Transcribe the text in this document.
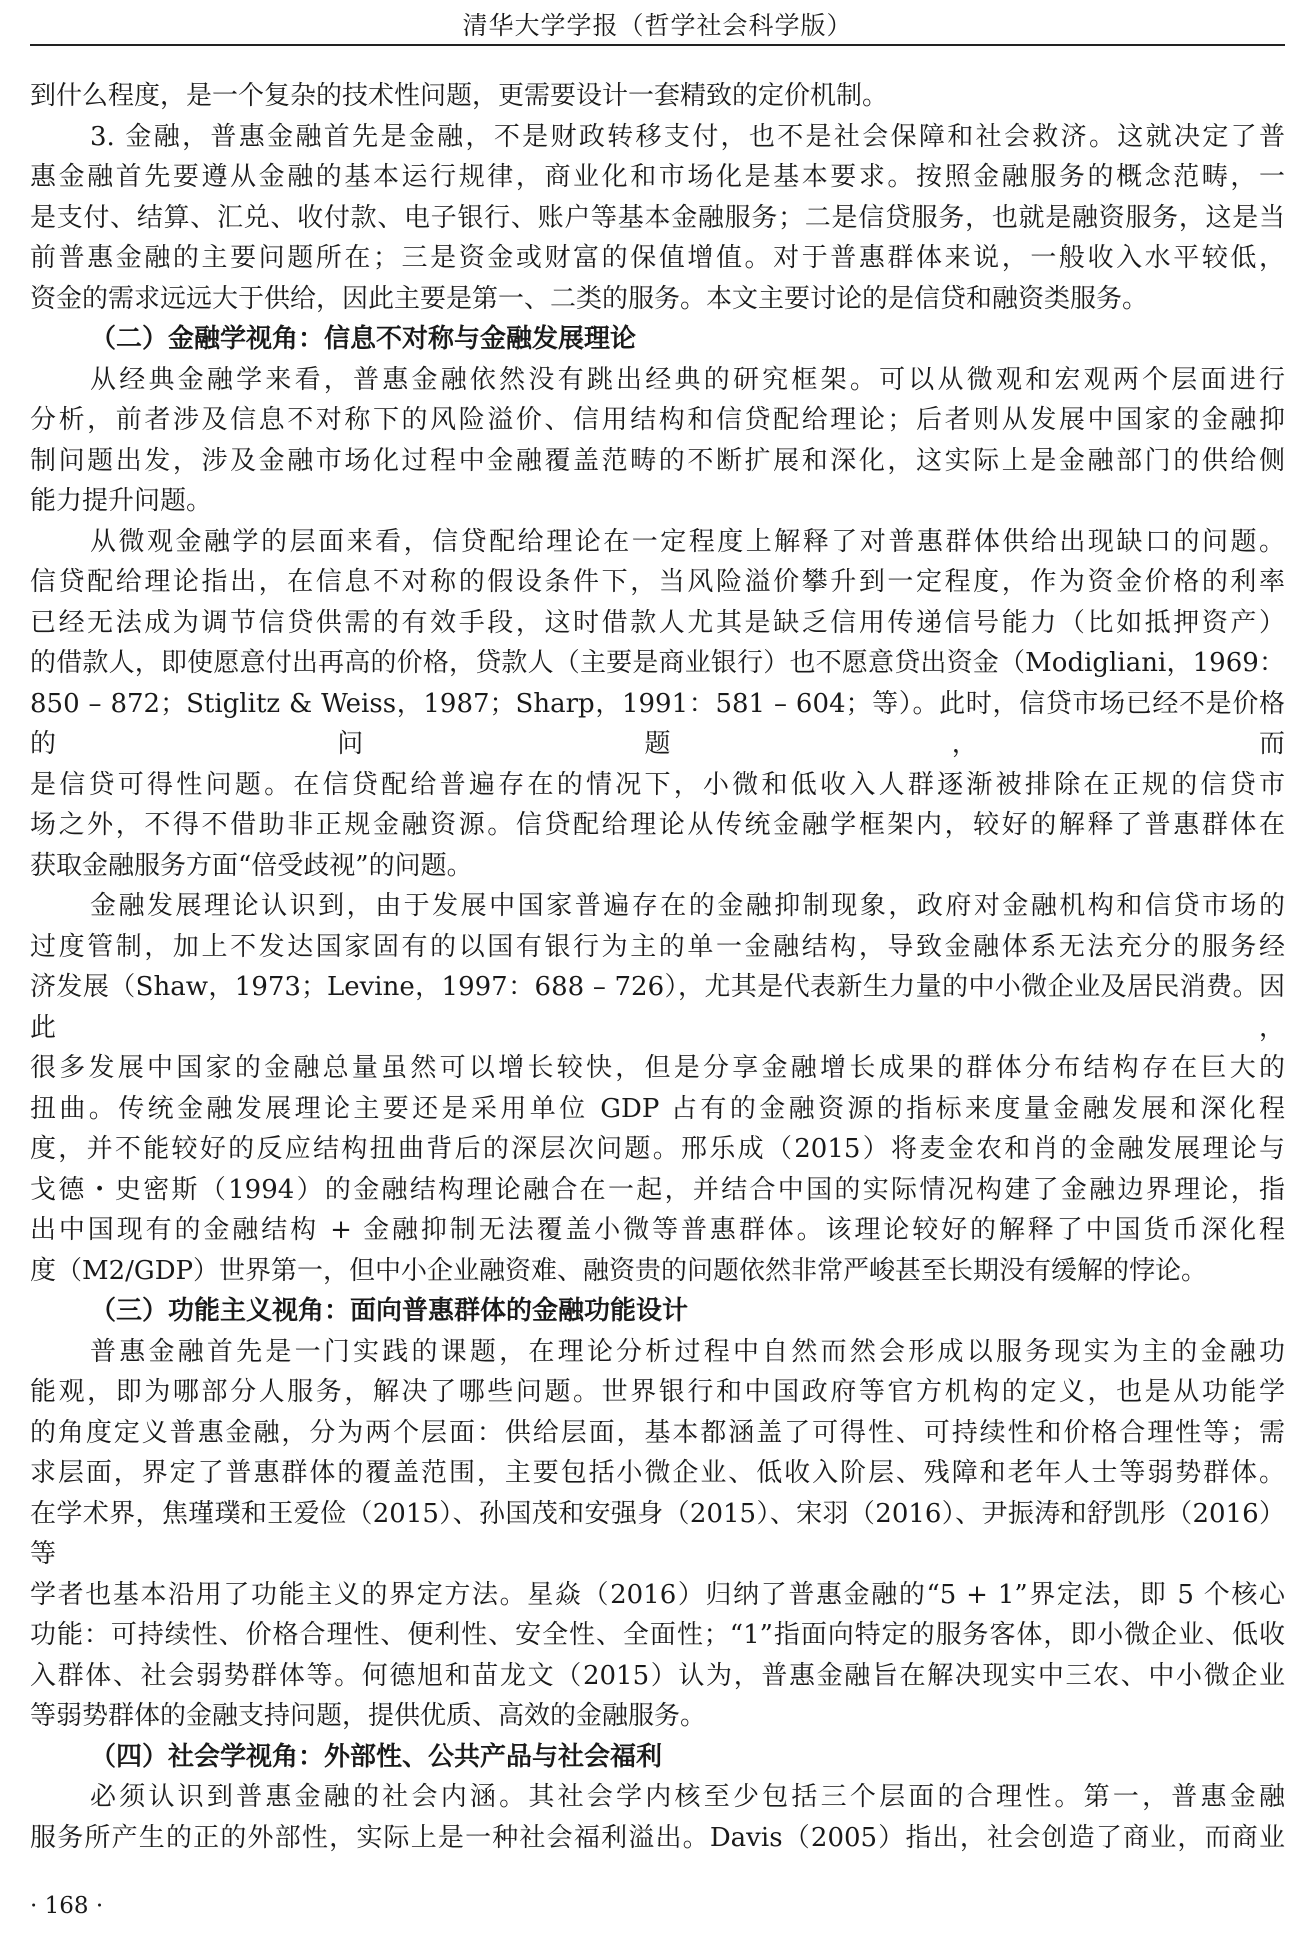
清华大学学报（哲学社会科学版）

到什么程度，是一个复杂的技术性问题，更需要设计一套精致的定价机制。

3. 金融，普惠金融首先是金融，不是财政转移支付，也不是社会保障和社会救济。这就决定了普

惠金融首先要遵从金融的基本运行规律，商业化和市场化是基本要求。按照金融服务的概念范畴，一

是支付、结算、汇兑、收付款、电子银行、账户等基本金融服务；二是信贷服务，也就是融资服务，这是当

前普惠金融的主要问题所在；三是资金或财富的保值增值。对于普惠群体来说，一般收入水平较低，

资金的需求远远大于供给，因此主要是第一、二类的服务。本文主要讨论的是信贷和融资类服务。

（二）金融学视角：信息不对称与金融发展理论

从经典金融学来看，普惠金融依然没有跳出经典的研究框架。可以从微观和宏观两个层面进行

分析，前者涉及信息不对称下的风险溢价、信用结构和信贷配给理论；后者则从发展中国家的金融抑

制问题出发，涉及金融市场化过程中金融覆盖范畴的不断扩展和深化，这实际上是金融部门的供给侧

能力提升问题。

从微观金融学的层面来看，信贷配给理论在一定程度上解释了对普惠群体供给出现缺口的问题。

信贷配给理论指出，在信息不对称的假设条件下，当风险溢价攀升到一定程度，作为资金价格的利率

已经无法成为调节信贷供需的有效手段，这时借款人尤其是缺乏信用传递信号能力（比如抵押资产）

的借款人，即使愿意付出再高的价格，贷款人（主要是商业银行）也不愿意贷出资金（Modigliani，1969：

850 – 872；Stiglitz & Weiss，1987；Sharp，1991：581 – 604；等）。此时，信贷市场已经不是价格的问题，而

是信贷可得性问题。在信贷配给普遍存在的情况下，小微和低收入人群逐渐被排除在正规的信贷市

场之外，不得不借助非正规金融资源。信贷配给理论从传统金融学框架内，较好的解释了普惠群体在

获取金融服务方面“倍受歧视”的问题。

金融发展理论认识到，由于发展中国家普遍存在的金融抑制现象，政府对金融机构和信贷市场的

过度管制，加上不发达国家固有的以国有银行为主的单一金融结构，导致金融体系无法充分的服务经

济发展（Shaw，1973；Levine，1997：688 – 726），尤其是代表新生力量的中小微企业及居民消费。因此，

很多发展中国家的金融总量虽然可以增长较快，但是分享金融增长成果的群体分布结构存在巨大的

扭曲。传统金融发展理论主要还是采用单位 GDP 占有的金融资源的指标来度量金融发展和深化程

度，并不能较好的反应结构扭曲背后的深层次问题。邢乐成（2015）将麦金农和肖的金融发展理论与

戈德・史密斯（1994）的金融结构理论融合在一起，并结合中国的实际情况构建了金融边界理论，指

出中国现有的金融结构 + 金融抑制无法覆盖小微等普惠群体。该理论较好的解释了中国货币深化程

度（M2/GDP）世界第一，但中小企业融资难、融资贵的问题依然非常严峻甚至长期没有缓解的悖论。

（三）功能主义视角：面向普惠群体的金融功能设计

普惠金融首先是一门实践的课题，在理论分析过程中自然而然会形成以服务现实为主的金融功

能观，即为哪部分人服务，解决了哪些问题。世界银行和中国政府等官方机构的定义，也是从功能学

的角度定义普惠金融，分为两个层面：供给层面，基本都涵盖了可得性、可持续性和价格合理性等；需

求层面，界定了普惠群体的覆盖范围，主要包括小微企业、低收入阶层、残障和老年人士等弱势群体。

在学术界，焦瑾璞和王爱俭（2015）、孙国茂和安强身（2015）、宋羽（2016）、尹振涛和舒凯彤（2016）等

学者也基本沿用了功能主义的界定方法。星焱（2016）归纳了普惠金融的“5 + 1”界定法，即 5 个核心

功能：可持续性、价格合理性、便利性、安全性、全面性；“1”指面向特定的服务客体，即小微企业、低收

入群体、社会弱势群体等。何德旭和苗龙文（2015）认为，普惠金融旨在解决现实中三农、中小微企业

等弱势群体的金融支持问题，提供优质、高效的金融服务。

（四）社会学视角：外部性、公共产品与社会福利

必须认识到普惠金融的社会内涵。其社会学内核至少包括三个层面的合理性。第一，普惠金融

服务所产生的正的外部性，实际上是一种社会福利溢出。Davis（2005）指出，社会创造了商业，而商业

· 168 ·
